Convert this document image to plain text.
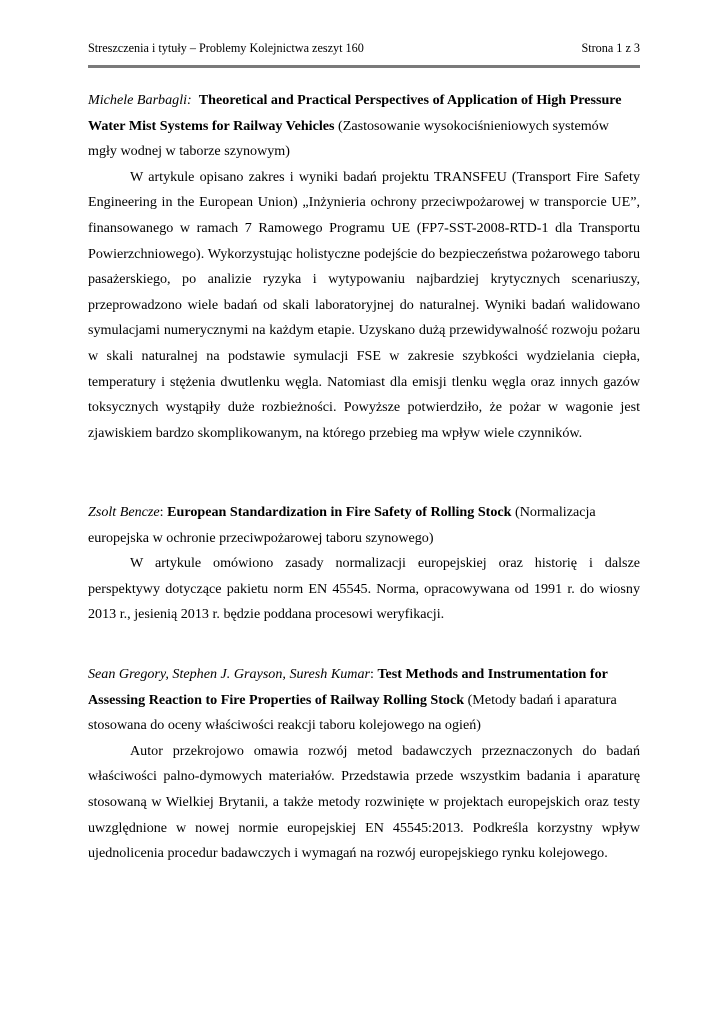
Streszczenia i tytuły – Problemy Kolejnictwa zeszyt 160	Strona 1 z 3
Michele Barbagli: Theoretical and Practical Perspectives of Application of High Pressure Water Mist Systems for Railway Vehicles (Zastosowanie wysokociśnieniowych systemów mgły wodnej w taborze szynowym)

W artykule opisano zakres i wyniki badań projektu TRANSFEU (Transport Fire Safety Engineering in the European Union) „Inżynieria ochrony przeciwpożarowej w transporcie UE”, finansowanego w ramach 7 Ramowego Programu UE (FP7-SST-2008-RTD-1 dla Transportu Powierzchniowego). Wykorzystując holistyczne podejście do bezpieczeństwa pożarowego taboru pasażerskiego, po analizie ryzyka i wytypowaniu najbardziej krytycznych scenariuszy, przeprowadzono wiele badań od skali laboratoryjnej do naturalnej. Wyniki badań walidowano symulacjami numerycznymi na każdym etapie. Uzyskano dużą przewidywalność rozwoju pożaru w skali naturalnej na podstawie symulacji FSE w zakresie szybkości wydzielania ciepła, temperatury i stężenia dwutlenku węgla. Natomiast dla emisji tlenku węgla oraz innych gazów toksycznych wystąpiły duże rozbieżności. Powyższe potwierdziło, że pożar w wagonie jest zjawiskiem bardzo skomplikowanym, na którego przebieg ma wpływ wiele czynników.

Zsolt Bencze: European Standardization in Fire Safety of Rolling Stock (Normalizacja europejska w ochronie przeciwpożarowej taboru szynowego)

W artykule omówiono zasady normalizacji europejskiej oraz historię i dalsze perspektywy dotyczące pakietu norm EN 45545. Norma, opracowywana od 1991 r. do wiosny 2013 r., jesienią 2013 r. będzie poddana procesowi weryfikacji.

Sean Gregory, Stephen J. Grayson, Suresh Kumar: Test Methods and Instrumentation for Assessing Reaction to Fire Properties of Railway Rolling Stock (Metody badań i aparatura stosowana do oceny właściwości reakcji taboru kolejowego na ogień)

Autor przekrojowo omawia rozwój metod badawczych przeznaczonych do badań właściwości palno-dymowych materiałów. Przedstawia przede wszystkim badania i aparaturę stosowaną w Wielkiej Brytanii, a także metody rozwinięte w projektach europejskich oraz testy uwzględnione w nowej normie europejskiej EN 45545:2013. Podkreśla korzystny wpływ ujednolicenia procedur badawczych i wymagań na rozwój europejskiego rynku kolejowego.
